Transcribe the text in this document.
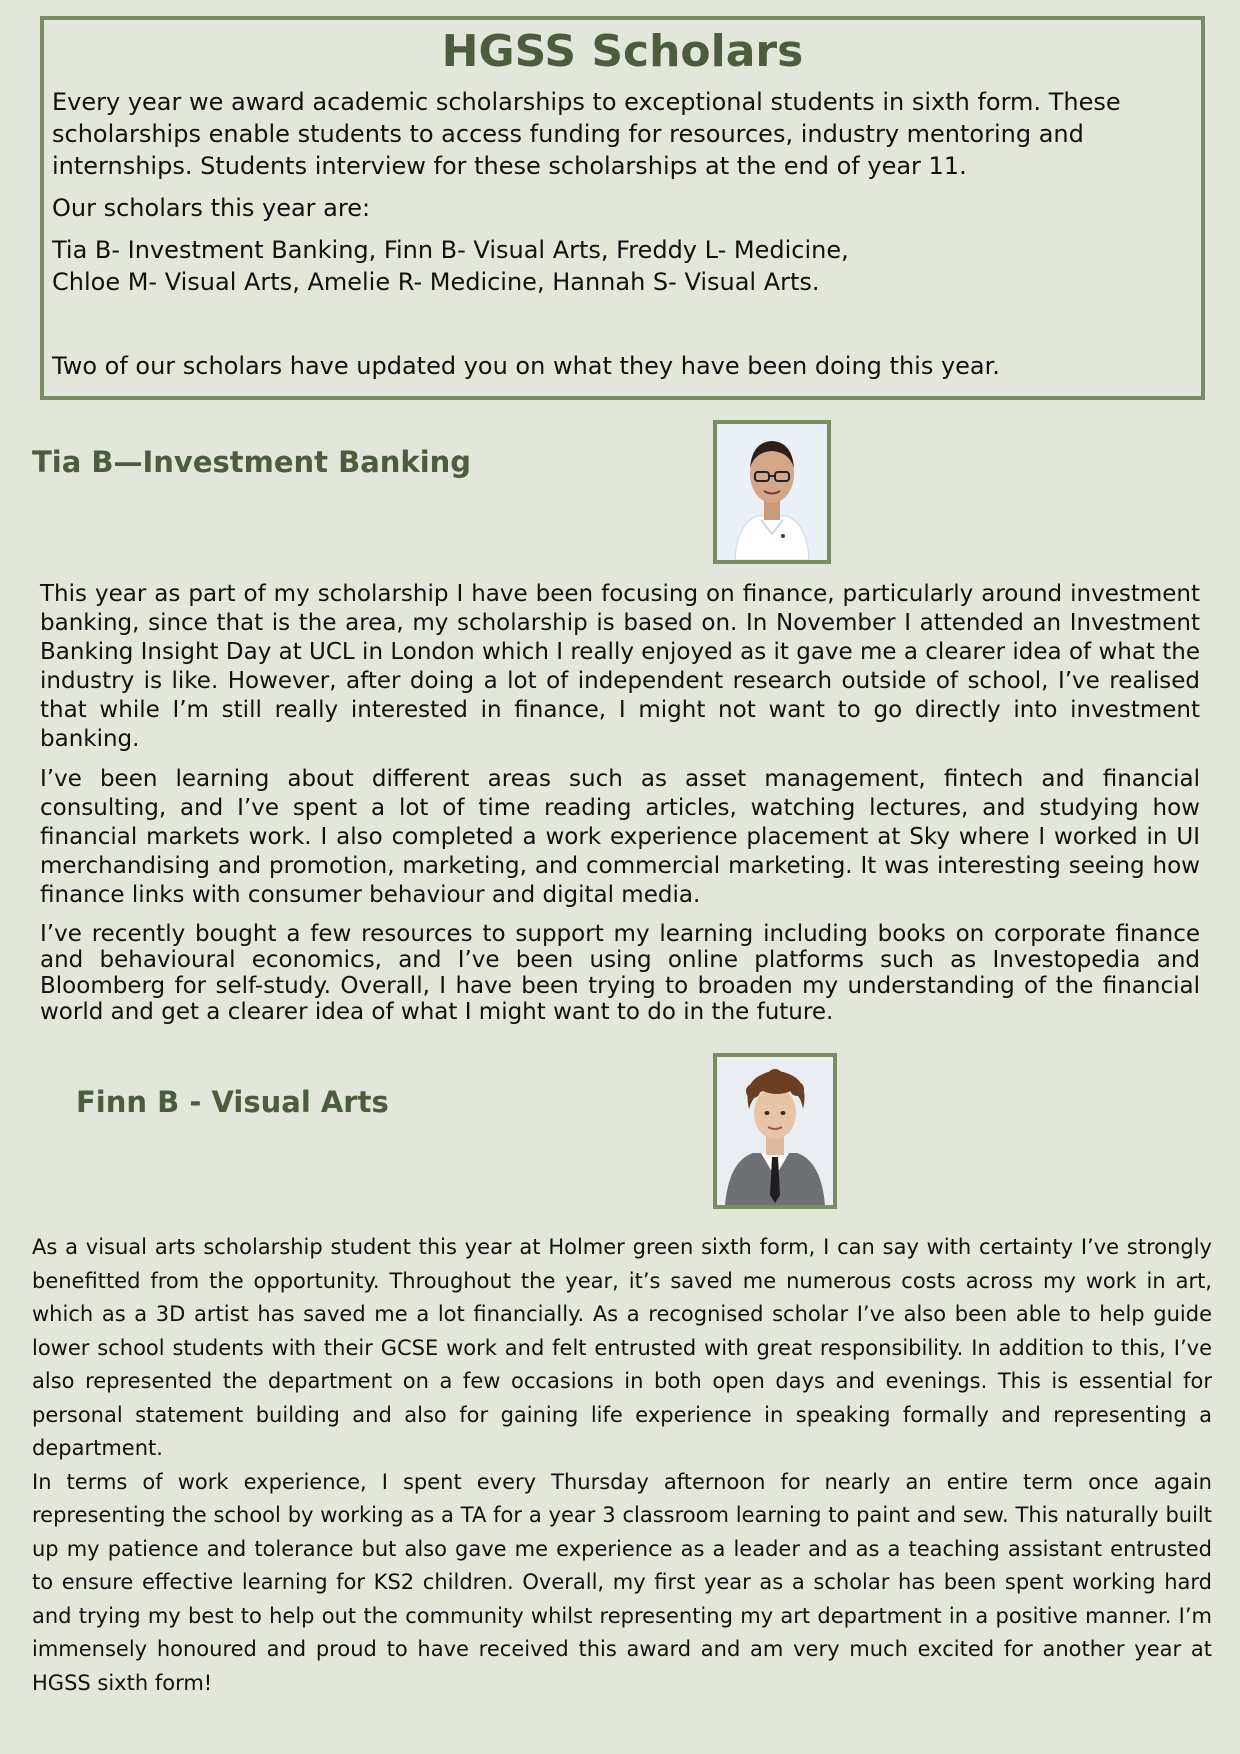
HGSS Scholars

Every year we award academic scholarships to exceptional students in sixth form. These scholarships enable students to access funding for resources, industry mentoring and internships. Students interview for these scholarships at the end of year 11.

Our scholars this year are:

Tia B- Investment Banking, Finn B- Visual Arts, Freddy L- Medicine,
Chloe M- Visual Arts, Amelie R- Medicine, Hannah S- Visual Arts.

Two of our scholars have updated you on what they have been doing this year.

Tia B—Investment Banking

This year as part of my scholarship I have been focusing on finance, particularly around investment banking, since that is the area, my scholarship is based on. In November I attended an Investment Banking Insight Day at UCL in London which I really enjoyed as it gave me a clearer idea of what the industry is like. However, after doing a lot of independent research outside of school, I’ve realised that while I’m still really interested in finance, I might not want to go directly into investment banking.

I’ve been learning about different areas such as asset management, fintech and financial consulting, and I’ve spent a lot of time reading articles, watching lectures, and studying how financial markets work. I also completed a work experience placement at Sky where I worked in UI merchandising and promotion, marketing, and commercial marketing. It was interesting seeing how finance links with consumer behaviour and digital media.

I’ve recently bought a few resources to support my learning including books on corporate finance and behavioural economics, and I’ve been using online platforms such as Investopedia and Bloomberg for self-study. Overall, I have been trying to broaden my understanding of the financial world and get a clearer idea of what I might want to do in the future.

Finn B - Visual Arts

As a visual arts scholarship student this year at Holmer green sixth form, I can say with certainty I’ve strongly benefitted from the opportunity. Throughout the year, it’s saved me numerous costs across my work in art, which as a 3D artist has saved me a lot financially. As a recognised scholar I’ve also been able to help guide lower school students with their GCSE work and felt entrusted with great responsibility. In addition to this, I’ve also represented the department on a few occasions in both open days and evenings. This is essential for personal statement building and also for gaining life experience in speaking formally and representing a department.

In terms of work experience, I spent every Thursday afternoon for nearly an entire term once again representing the school by working as a TA for a year 3 classroom learning to paint and sew. This naturally built up my patience and tolerance but also gave me experience as a leader and as a teaching assistant entrusted to ensure effective learning for KS2 children. Overall, my first year as a scholar has been spent working hard and trying my best to help out the community whilst representing my art department in a positive manner. I’m immensely honoured and proud to have received this award and am very much excited for another year at HGSS sixth form!
